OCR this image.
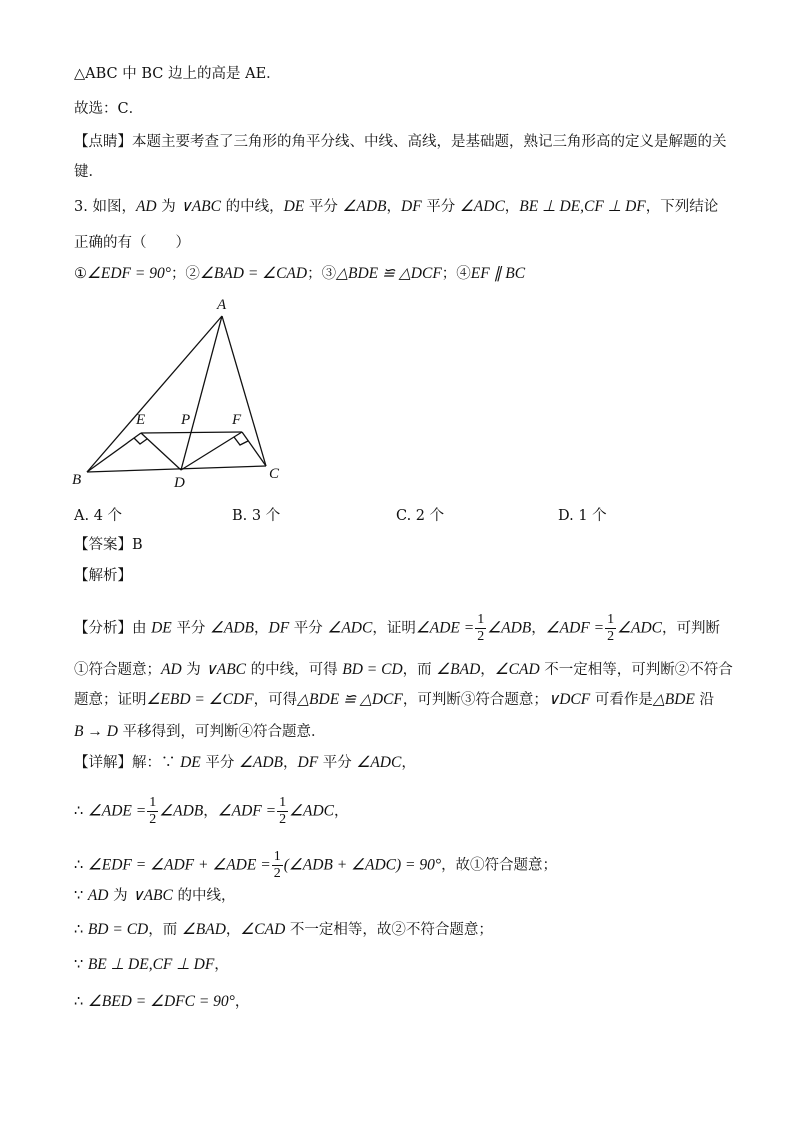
△ABC 中 BC 边上的高是 AE．
故选：C．
【点睛】本题主要考查了三角形的角平分线、中线、高线，是基础题，熟记三角形高的定义是解题的关
键．
3. 如图，AD 为 ∨ABC 的中线，DE 平分 ∠ADB，DF 平分 ∠ADC，BE ⊥ DE,CF ⊥ DF，下列结论
正确的有（　　）
①∠EDF = 90°；②∠BAD = ∠CAD；③△BDE ≌ △DCF；④EF ∥ BC
A
E P	F
B	D
C
A. 4 个	B. 3 个	C. 2 个	D. 1 个
【答案】B
【解析】
【分析】由 DE 平分 ∠ADB，DF 平分 ∠ADC，证明∠ADE = $\frac{1}{2}$ ∠ADB，∠ADF = $\frac{1}{2}$ ∠ADC，可判断
①符合题意；AD 为 ∨ABC 的中线，可得 BD = CD，而 ∠BAD，∠CAD 不一定相等，可判断②不符合
题意；证明∠EBD = ∠CDF，可得△BDE ≌ △DCF，可判断③符合题意；∨DCF 可看作是△BDE 沿
B → D 平移得到，可判断④符合题意．
【详解】解：∵ DE 平分 ∠ADB，DF 平分 ∠ADC，
∴ ∠ADE = $\frac{1}{2}$ ∠ADB，∠ADF = $\frac{1}{2}$ ∠ADC，
∴ ∠EDF = ∠ADF + ∠ADE = $\frac{1}{2}$ (∠ADB + ∠ADC) = 90°，故①符合题意；
∵ AD 为 ∨ABC 的中线，
∴ BD = CD，而 ∠BAD，∠CAD 不一定相等，故②不符合题意；
∵ BE ⊥ DE,CF ⊥ DF，
∴ ∠BED = ∠DFC = 90°，
